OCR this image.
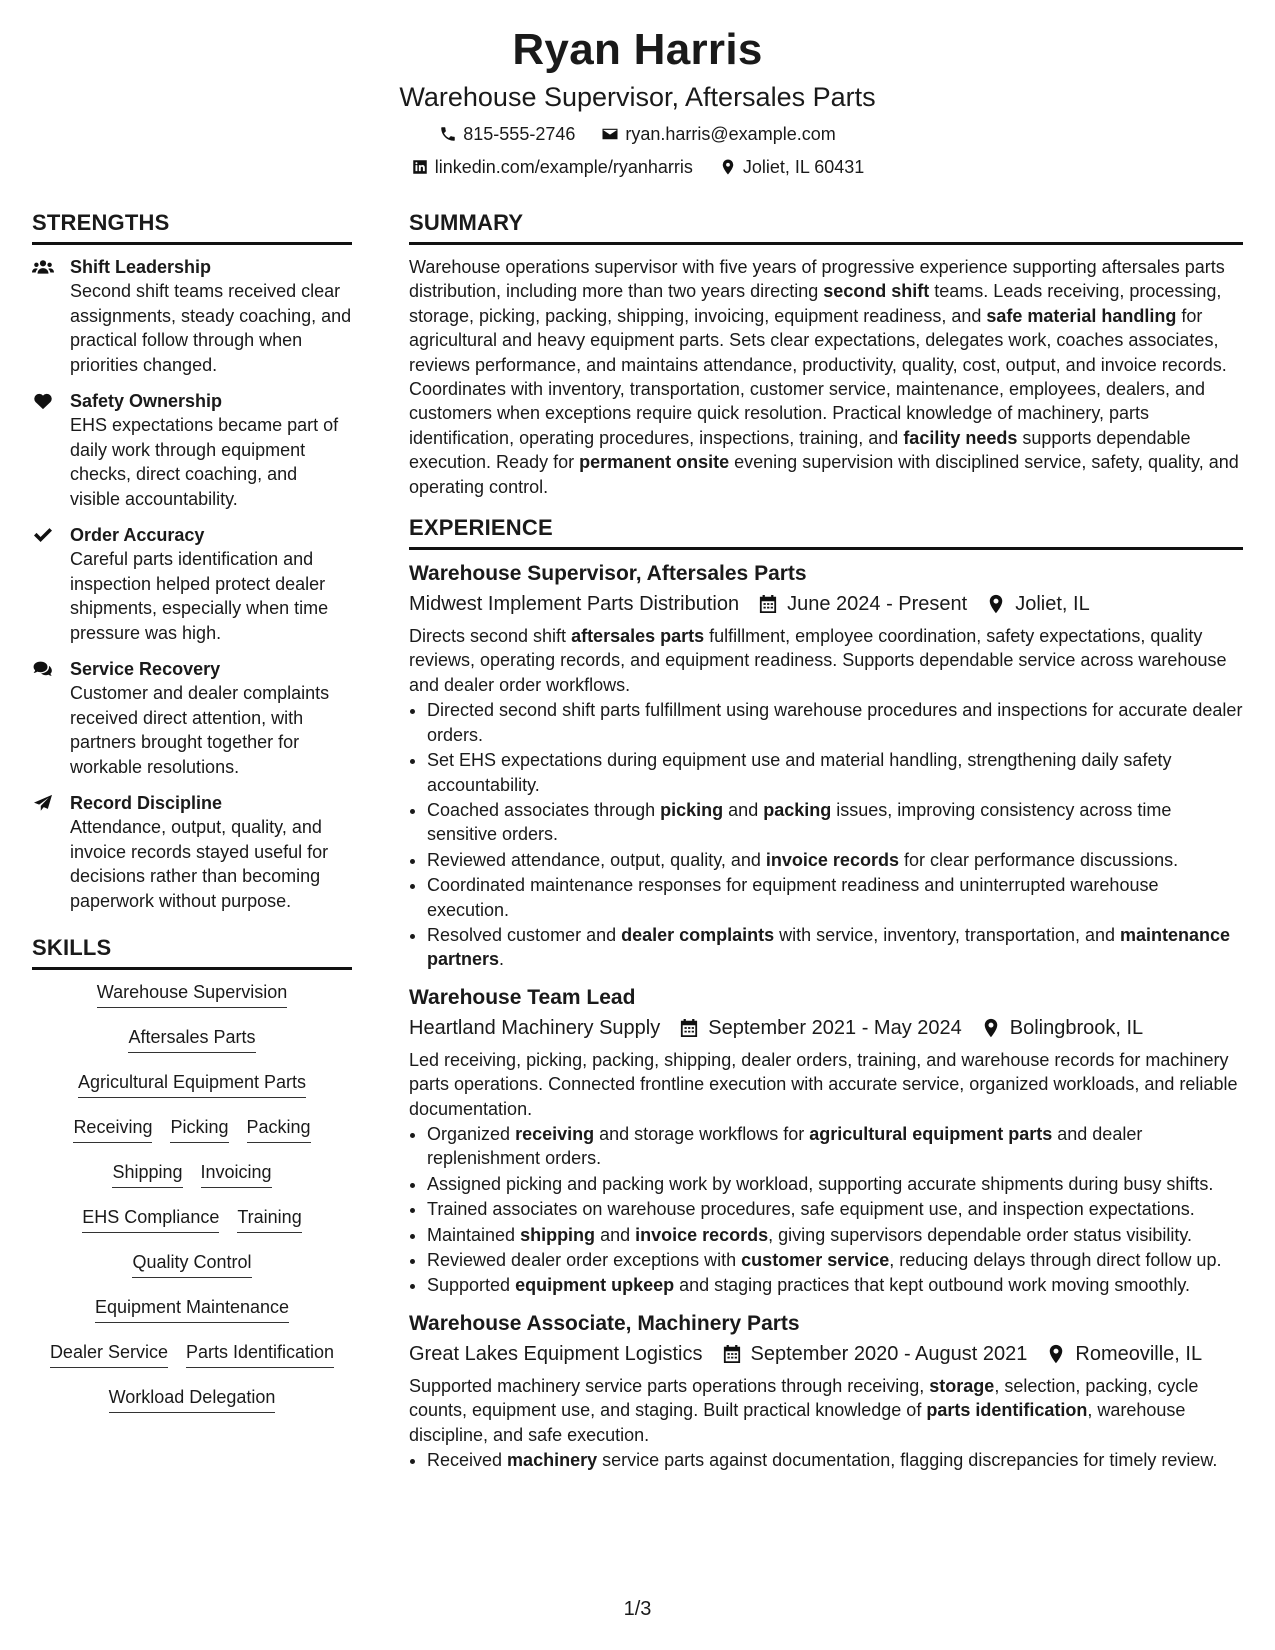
Ryan Harris
Warehouse Supervisor, Aftersales Parts
815-555-2746	ryan.harris@example.com
linkedin.com/example/ryanharris	Joliet, IL 60431
STRENGTHS
Shift Leadership
Second shift teams received clear assignments, steady coaching, and practical follow through when priorities changed.
Safety Ownership
EHS expectations became part of daily work through equipment checks, direct coaching, and visible accountability.
Order Accuracy
Careful parts identification and inspection helped protect dealer shipments, especially when time pressure was high.
Service Recovery
Customer and dealer complaints received direct attention, with partners brought together for workable resolutions.
Record Discipline
Attendance, output, quality, and invoice records stayed useful for decisions rather than becoming paperwork without purpose.
SKILLS
Warehouse Supervision
Aftersales Parts
Agricultural Equipment Parts
Receiving Picking Packing
Shipping Invoicing
EHS Compliance Training
Quality Control
Equipment Maintenance
Dealer Service Parts Identification
Workload Delegation
SUMMARY
Warehouse operations supervisor with five years of progressive experience supporting aftersales parts distribution, including more than two years directing second shift teams. Leads receiving, processing, storage, picking, packing, shipping, invoicing, equipment readiness, and safe material handling for agricultural and heavy equipment parts. Sets clear expectations, delegates work, coaches associates, reviews performance, and maintains attendance, productivity, quality, cost, output, and invoice records. Coordinates with inventory, transportation, customer service, maintenance, employees, dealers, and customers when exceptions require quick resolution. Practical knowledge of machinery, parts identification, operating procedures, inspections, training, and facility needs supports dependable execution. Ready for permanent onsite evening supervision with disciplined service, safety, quality, and operating control.
EXPERIENCE
Warehouse Supervisor, Aftersales Parts
Midwest Implement Parts Distribution June 2024 - Present Joliet, IL
Directs second shift aftersales parts fulfillment, employee coordination, safety expectations, quality reviews, operating records, and equipment readiness. Supports dependable service across warehouse and dealer order workflows.
• Directed second shift parts fulfillment using warehouse procedures and inspections for accurate dealer orders.
• Set EHS expectations during equipment use and material handling, strengthening daily safety accountability.
• Coached associates through picking and packing issues, improving consistency across time sensitive orders.
• Reviewed attendance, output, quality, and invoice records for clear performance discussions.
• Coordinated maintenance responses for equipment readiness and uninterrupted warehouse execution.
• Resolved customer and dealer complaints with service, inventory, transportation, and maintenance partners.
Warehouse Team Lead
Heartland Machinery Supply September 2021 - May 2024 Bolingbrook, IL
Led receiving, picking, packing, shipping, dealer orders, training, and warehouse records for machinery parts operations. Connected frontline execution with accurate service, organized workloads, and reliable documentation.
• Organized receiving and storage workflows for agricultural equipment parts and dealer replenishment orders.
• Assigned picking and packing work by workload, supporting accurate shipments during busy shifts.
• Trained associates on warehouse procedures, safe equipment use, and inspection expectations.
• Maintained shipping and invoice records, giving supervisors dependable order status visibility.
• Reviewed dealer order exceptions with customer service, reducing delays through direct follow up.
• Supported equipment upkeep and staging practices that kept outbound work moving smoothly.
Warehouse Associate, Machinery Parts
Great Lakes Equipment Logistics September 2020 - August 2021 Romeoville, IL
Supported machinery service parts operations through receiving, storage, selection, packing, cycle counts, equipment use, and staging. Built practical knowledge of parts identification, warehouse discipline, and safe execution.
• Received machinery service parts against documentation, flagging discrepancies for timely review.
1/3
